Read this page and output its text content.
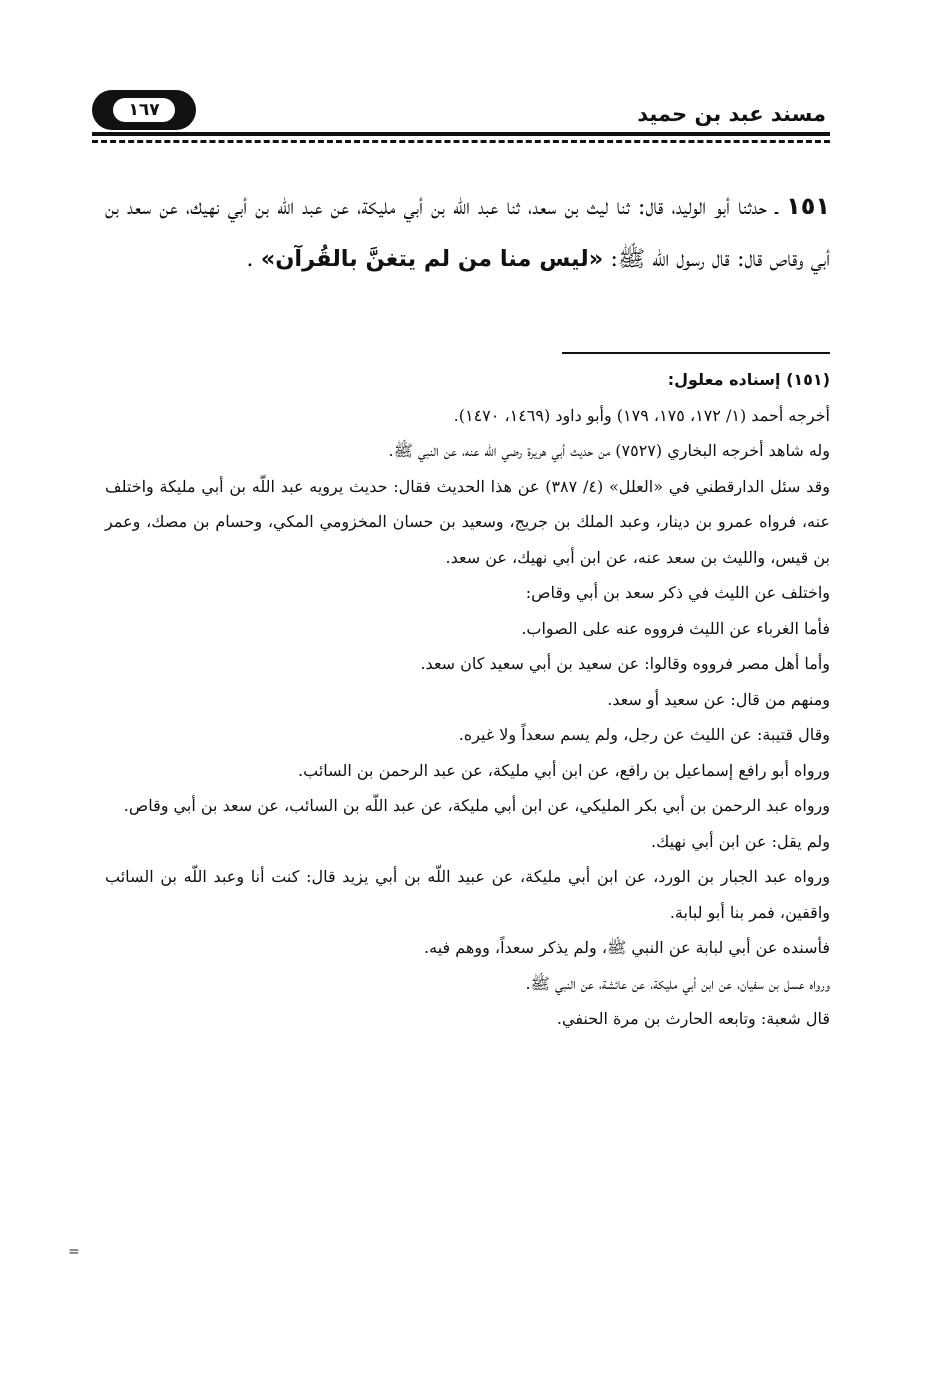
١٦٧	مسند عبد بن حميد
١٥١ ـ حدثنا أبو الوليد، قال: ثنا ليث بن سعد، ثنا عبد اللّه بن أبي مليكة، عن عبد اللّه بن أبي نهيك، عن سعد بن أبي وقاص قال: قال رسول اللّه ﷺ: «ليس منا من لم يتغنَّ بالقُرآن» .

(١٥١) إسناده معلول:

أخرجه أحمد (١/ ١٧٢، ١٧٥، ١٧٩) وأبو داود (١٤٦٩، ١٤٧٠).

وله شاهد أخرجه البخاري (٧٥٢٧) من حديث أبي هريرة رضي اللّه عنه، عن النبي ﷺ.

وقد سئل الدارقطني في «العلل» (٤/ ٣٨٧) عن هذا الحديث فقال: حديث يرويه عبد اللّه بن أبي مليكة واختلف عنه، فرواه عمرو بن دينار، وعبد الملك بن جريج، وسعيد بن حسان المخزومي المكي، وحسام بن مصك، وعمر بن قيس، والليث بن سعد عنه، عن ابن أبي نهيك، عن سعد.

واختلف عن الليث في ذكر سعد بن أبي وقاص:

فأما الغرباء عن الليث فرووه عنه على الصواب.

وأما أهل مصر فرووه وقالوا: عن سعيد بن أبي سعيد كان سعد.

ومنهم من قال: عن سعيد أو سعد.

وقال قتيبة: عن الليث عن رجل، ولم يسم سعداً ولا غيره.

ورواه أبو رافع إسماعيل بن رافع، عن ابن أبي مليكة، عن عبد الرحمن بن السائب.

ورواه عبد الرحمن بن أبي بكر المليكي، عن ابن أبي مليكة، عن عبد اللّه بن السائب، عن سعد بن أبي وقاص.

ولم يقل: عن ابن أبي نهيك.

ورواه عبد الجبار بن الورد، عن ابن أبي مليكة، عن عبيد اللّه بن أبي يزيد قال: كنت أنا وعبد اللّه بن السائب واقفين، فمر بنا أبو لبابة.

فأسنده عن أبي لبابة عن النبي ﷺ، ولم يذكر سعداً، ووهم فيه.

ورواه عسل بن سفيان، عن ابن أبي مليكة، عن عائشة، عن النبي ﷺ.

قال شعبة: وتابعه الحارث بن مرة الحنفي.

=
